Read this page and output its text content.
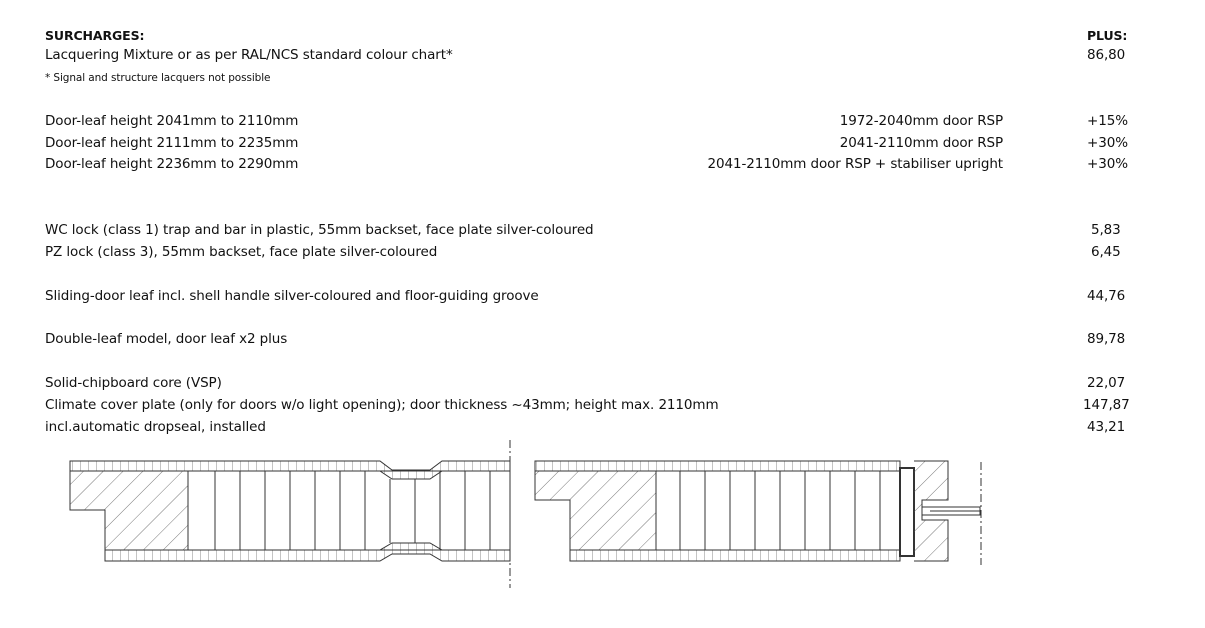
SURCHARGES:	PLUS:
Lacquering Mixture or as per RAL/NCS standard colour chart*	86,80
* Signal and structure lacquers not possible
Door-leaf height 2041mm to 2110mm	1972-2040mm door RSP	+15%
Door-leaf height 2111mm to 2235mm	2041-2110mm door RSP	+30%
Door-leaf height 2236mm to 2290mm	2041-2110mm door RSP + stabiliser upright	+30%
WC lock (class 1) trap and bar in plastic, 55mm backset, face plate silver-coloured	5,83
PZ lock (class 3), 55mm backset, face plate silver-coloured	6,45
Sliding-door leaf incl. shell handle silver-coloured and floor-guiding groove	44,76
Double-leaf model, door leaf x2 plus	89,78
Solid-chipboard core (VSP)	22,07
Climate cover plate (only for doors w/o light opening); door thickness ~43mm; height max. 2110mm	147,87
incl.automatic dropseal, installed	43,21
